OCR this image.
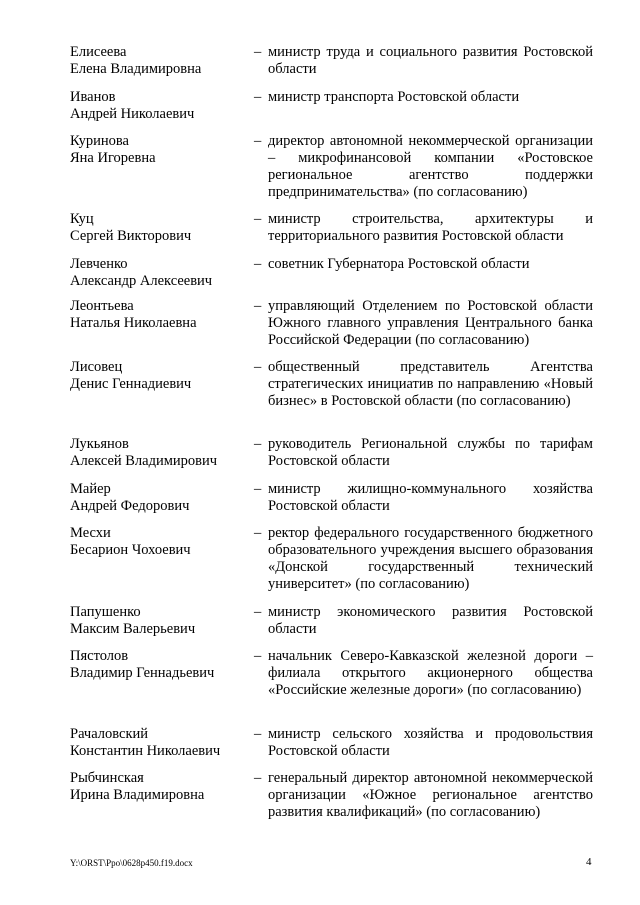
Елисеева
Елена Владимировна
– министр труда и социального развития Ростовской области
Иванов
Андрей Николаевич
– министр транспорта Ростовской области
Куринова
Яна Игоревна
– директор автономной некоммерческой организации – микрофинансовой компании «Ростовское региональное агентство поддержки предпринимательства» (по согласованию)
Куц
Сергей Викторович
– министр строительства, архитектуры и территориального развития Ростовской области
Левченко
Александр Алексеевич
– советник Губернатора Ростовской области
Леонтьева
Наталья Николаевна
– управляющий Отделением по Ростовской области Южного главного управления Центрального банка Российской Федерации (по согласованию)
Лисовец
Денис Геннадиевич
– общественный представитель Агентства стратегических инициатив по направлению «Новый бизнес» в Ростовской области (по согласованию)
Лукьянов
Алексей Владимирович
– руководитель Региональной службы по тарифам Ростовской области
Майер
Андрей Федорович
– министр жилищно-коммунального хозяйства Ростовской области
Месхи
Бесарион Чохоевич
– ректор федерального государственного бюджетного образовательного учреждения высшего образования «Донской государственный технический университет» (по согласованию)
Папушенко
Максим Валерьевич
– министр экономического развития Ростовской области
Пястолов
Владимир Геннадьевич
– начальник Северо-Кавказской железной дороги – филиала открытого акционерного общества «Российские железные дороги» (по согласованию)
Рачаловский
Константин Николаевич
– министр сельского хозяйства и продовольствия Ростовской области
Рыбчинская
Ирина Владимировна
– генеральный директор автономной некоммерческой организации «Южное региональное агентство развития квалификаций» (по согласованию)
Y:\ORST\Ppo\0628p450.f19.docx	4
